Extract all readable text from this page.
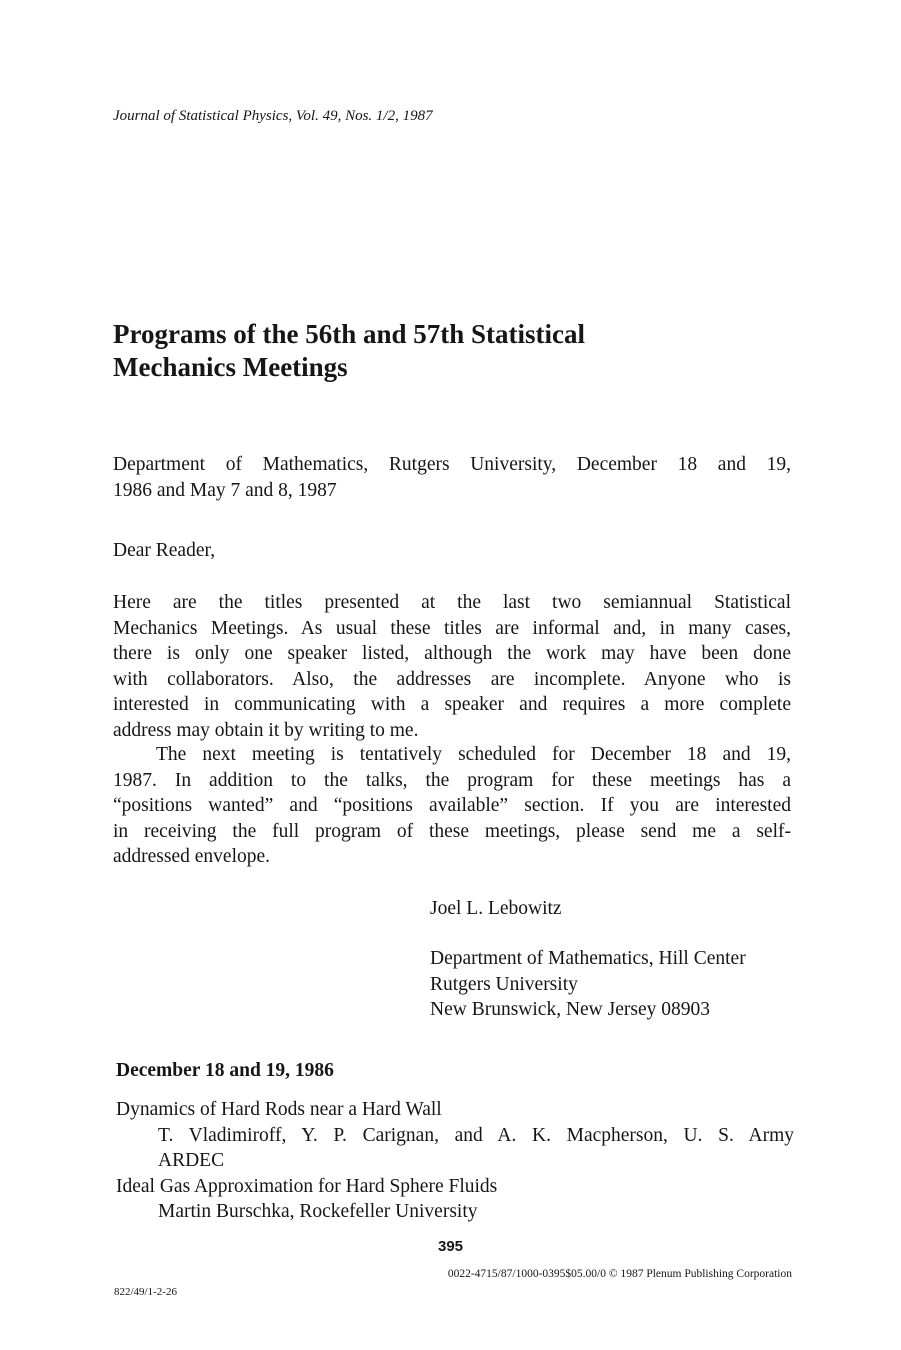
Journal of Statistical Physics, Vol. 49, Nos. 1/2, 1987

Programs of the 56th and 57th Statistical
Mechanics Meetings
Department of Mathematics, Rutgers University, December 18 and 19,
1986 and May 7 and 8, 1987

Dear Reader,

Here are the titles presented at the last two semiannual Statistical
Mechanics Meetings. As usual these titles are informal and, in many cases,
there is only one speaker listed, although the work may have been done
with collaborators. Also, the addresses are incomplete. Anyone who is
interested in communicating with a speaker and requires a more complete
address may obtain it by writing to me.
The next meeting is tentatively scheduled for December 18 and 19,
1987. In addition to the talks, the program for these meetings has a
“positions wanted” and “positions available” section. If you are interested
in receiving the full program of these meetings, please send me a self-
addressed envelope.

Joel L. Lebowitz

Department of Mathematics, Hill Center
Rutgers University
New Brunswick, New Jersey 08903
December 18 and 19, 1986
Dynamics of Hard Rods near a Hard Wall
T. Vladimiroff, Y. P. Carignan, and A. K. Macpherson, U. S. Army
ARDEC
Ideal Gas Approximation for Hard Sphere Fluids
Martin Burschka, Rockefeller University

395

0022-4715/87/1000-0395$05.00/0 © 1987 Plenum Publishing Corporation

822/49/1-2-26
